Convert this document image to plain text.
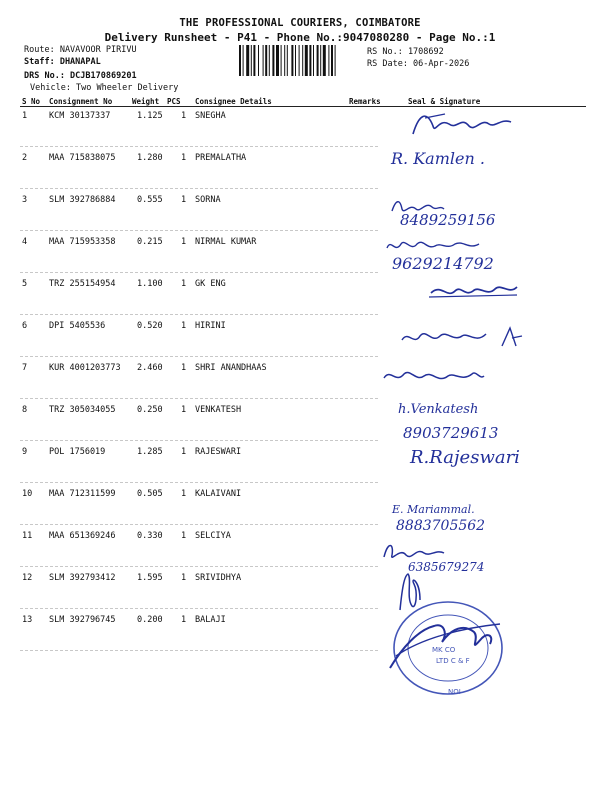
THE PROFESSIONAL COURIERS, COIMBATORE
Delivery Runsheet - P41 - Phone No.:9047080280 - Page No.:1
Route: NAVAVOOR PIRIVU
Staff: DHANAPAL
DRS No.: DCJB170869201
Vehicle: Two Wheeler Delivery
RS No.: 1708692
RS Date: 06-Apr-2026
S No Consignment No	Weight PCS Consignee Details	Remarks	Seal & Signature
1	KCM 30137337	1.125 1 SNEGHA
2	MAA 715838075	1.280 1 PREMALATHA
3	SLM 392786884	0.555 1 SORNA
4	MAA 715953358	0.215 1 NIRMAL KUMAR
5	TRZ 255154954	1.100 1 GK ENG
6	DPI 5405536	0.520 1 HIRINI
7	KUR 4001203773 2.460 1 SHRI ANANDHAAS
8	TRZ 305034055	0.250 1 VENKATESH
9	POL 1756019	1.285 1 RAJESWARI
10 MAA 712311599	0.505 1 KALAIVANI
11 MAA 651369246	0.330 1 SELCIYA
12 SLM 392793412	1.595 1 SRIVIDHYA
13 SLM 392796745	0.200 1 BALAJI
R. Kamlen .
8489259156
9629214792
h.Venkatesh
8903729613
R.Rajeswari
E. Mariammal.
8883705562
6385679274
MK CO
LTD C & F
NOI
